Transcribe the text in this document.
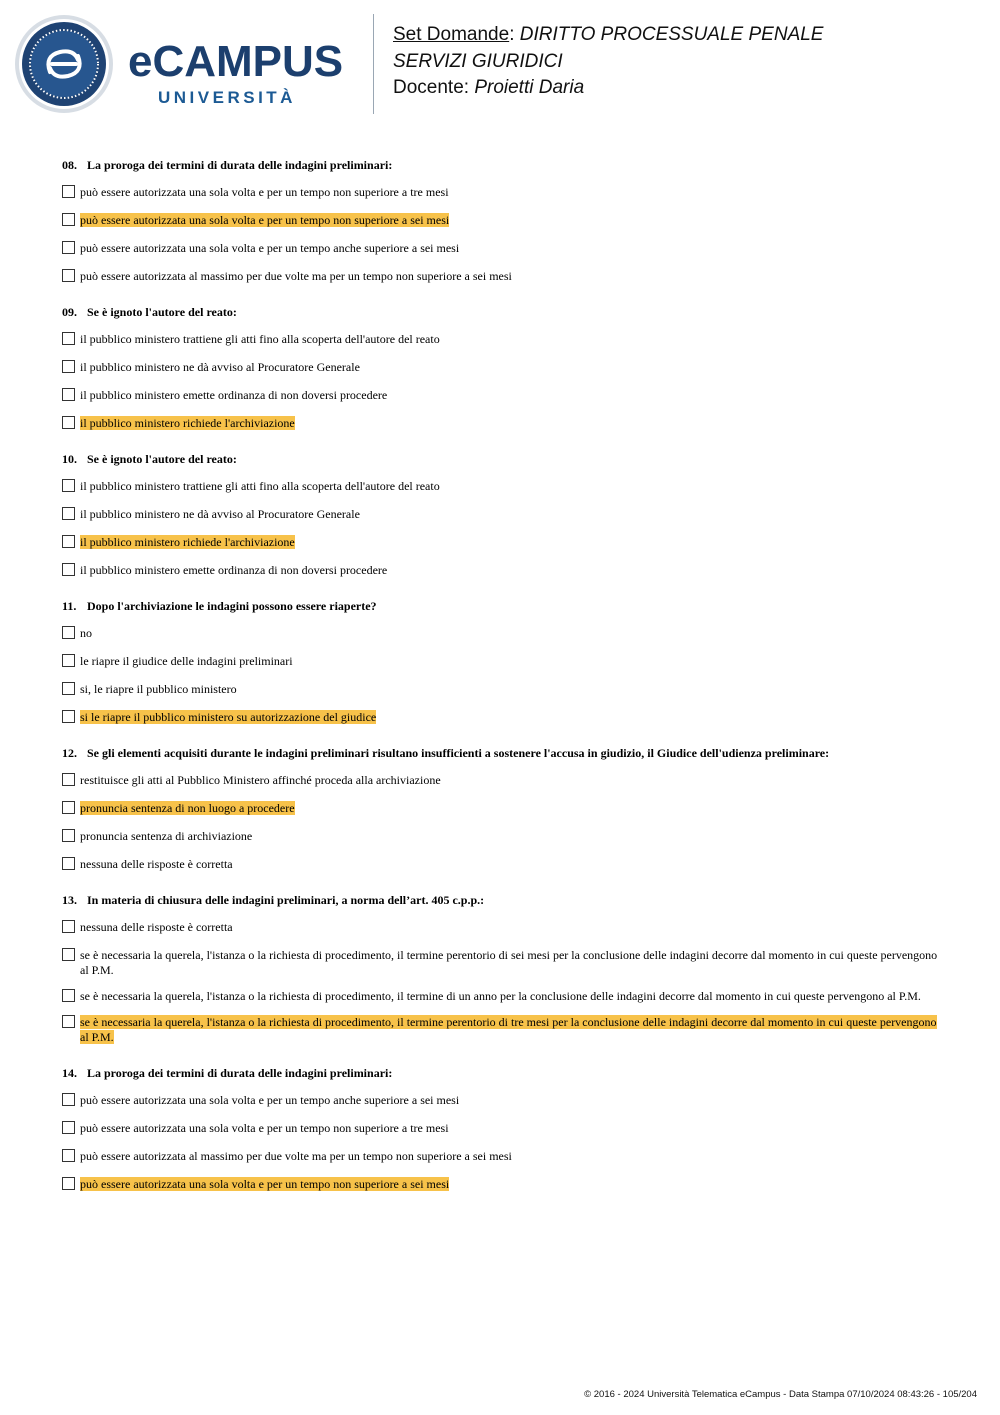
eCAMPUS
UNIVERSITÀ
Set Domande: DIRITTO PROCESSUALE PENALE
SERVIZI GIURIDICI
Docente: Proietti Daria
08. La proroga dei termini di durata delle indagini preliminari:
può essere autorizzata una sola volta e per un tempo non superiore a tre mesi
può essere autorizzata una sola volta e per un tempo non superiore a sei mesi
può essere autorizzata una sola volta e per un tempo anche superiore a sei mesi
può essere autorizzata al massimo per due volte ma per un tempo non superiore a sei mesi
09. Se è ignoto l'autore del reato:
il pubblico ministero trattiene gli atti fino alla scoperta dell'autore del reato
il pubblico ministero ne dà avviso al Procuratore Generale
il pubblico ministero emette ordinanza di non doversi procedere
il pubblico ministero richiede l'archiviazione
10. Se è ignoto l'autore del reato:
il pubblico ministero trattiene gli atti fino alla scoperta dell'autore del reato
il pubblico ministero ne dà avviso al Procuratore Generale
il pubblico ministero richiede l'archiviazione
il pubblico ministero emette ordinanza di non doversi procedere
11. Dopo l'archiviazione le indagini possono essere riaperte?
no
le riapre il giudice delle indagini preliminari
si, le riapre il pubblico ministero
si le riapre il pubblico ministero su autorizzazione del giudice
12. Se gli elementi acquisiti durante le indagini preliminari risultano insufficienti a sostenere l'accusa in giudizio, il Giudice dell'udienza preliminare:
restituisce gli atti al Pubblico Ministero affinché proceda alla archiviazione
pronuncia sentenza di non luogo a procedere
pronuncia sentenza di archiviazione
nessuna delle risposte è corretta
13. In materia di chiusura delle indagini preliminari, a norma dell’art. 405 c.p.p.:
nessuna delle risposte è corretta
se è necessaria la querela, l'istanza o la richiesta di procedimento, il termine perentorio di sei mesi per la conclusione delle indagini decorre dal momento in cui queste pervengono al P.M.
se è necessaria la querela, l'istanza o la richiesta di procedimento, il termine di un anno per la conclusione delle indagini decorre dal momento in cui queste pervengono al P.M.
se è necessaria la querela, l'istanza o la richiesta di procedimento, il termine perentorio di tre mesi per la conclusione delle indagini decorre dal momento in cui queste pervengono al P.M.
14. La proroga dei termini di durata delle indagini preliminari:
può essere autorizzata una sola volta e per un tempo anche superiore a sei mesi
può essere autorizzata una sola volta e per un tempo non superiore a tre mesi
può essere autorizzata al massimo per due volte ma per un tempo non superiore a sei mesi
può essere autorizzata una sola volta e per un tempo non superiore a sei mesi
© 2016 - 2024 Università Telematica eCampus - Data Stampa 07/10/2024 08:43:26 - 105/204
